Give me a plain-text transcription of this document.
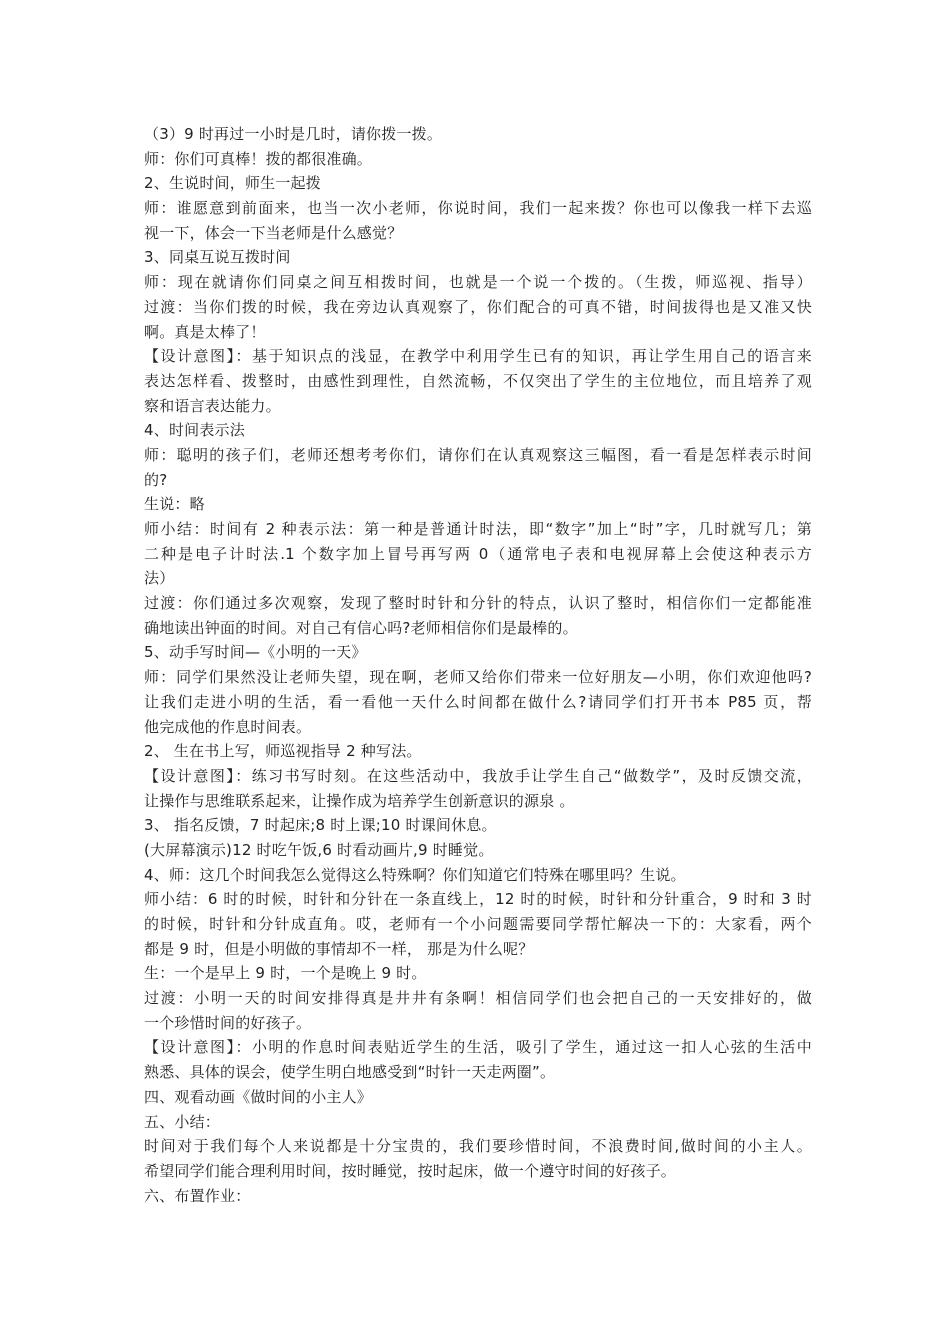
（3）9 时再过一小时是几时，请你拨一拨。
师：你们可真棒！拨的都很准确。
2、生说时间，师生一起拨
师：谁愿意到前面来，也当一次小老师，你说时间，我们一起来拨？你也可以像我一样下去巡
视一下，体会一下当老师是什么感觉？
3、同桌互说互拨时间
师：现在就请你们同桌之间互相拨时间，也就是一个说一个拨的。（生拨，师巡视、指导）
过渡：当你们拨的时候，我在旁边认真观察了，你们配合的可真不错，时间拔得也是又准又快
啊。真是太棒了！
【设计意图】：基于知识点的浅显，在教学中利用学生已有的知识，再让学生用自己的语言来
表达怎样看、拨整时，由感性到理性，自然流畅，不仅突出了学生的主位地位，而且培养了观
察和语言表达能力。
4、时间表示法
师：聪明的孩子们，老师还想考考你们，请你们在认真观察这三幅图，看一看是怎样表示时间
的?
生说：略
师小结：时间有 2 种表示法：第一种是普通计时法，即“数字”加上“时”字，几时就写几；第
二种是电子计时法.1 个数字加上冒号再写两 0（通常电子表和电视屏幕上会使这种表示方
法）
过渡：你们通过多次观察，发现了整时时针和分针的特点，认识了整时，相信你们一定都能准
确地读出钟面的时间。对自己有信心吗?老师相信你们是最棒的。
5、动手写时间—《小明的一天》
师：同学们果然没让老师失望，现在啊，老师又给你们带来一位好朋友—小明，你们欢迎他吗?
让我们走进小明的生活，看一看他一天什么时间都在做什么?请同学们打开书本 P85 页，帮
他完成他的作息时间表。
2、 生在书上写，师巡视指导 2 种写法。
【设计意图】：练习书写时刻。在这些活动中，我放手让学生自己“做数学”，及时反馈交流，
让操作与思维联系起来，让操作成为培养学生创新意识的源泉 。
3、 指名反馈，7 时起床;8 时上课;10 时课间休息。
(大屏幕演示)12 时吃午饭,6 时看动画片,9 时睡觉。
4、师：这几个时间我怎么觉得这么特殊啊？你们知道它们特殊在哪里吗？生说。
师小结：6 时的时候，时针和分针在一条直线上，12 时的时候，时针和分针重合，9 时和 3 时
的时候，时针和分针成直角。哎，老师有一个小问题需要同学帮忙解决一下的：大家看，两个
都是 9 时，但是小明做的事情却不一样， 那是为什么呢？
生：一个是早上 9 时，一个是晚上 9 时。
过渡：小明一天的时间安排得真是井井有条啊！相信同学们也会把自己的一天安排好的，做
一个珍惜时间的好孩子。
【设计意图】：小明的作息时间表贴近学生的生活，吸引了学生，通过这一扣人心弦的生活中
熟悉、具体的误会，使学生明白地感受到“时针一天走两圈”。
四、观看动画《做时间的小主人》
五、小结：
时间对于我们每个人来说都是十分宝贵的，我们要珍惜时间，不浪费时间,做时间的小主人。
希望同学们能合理利用时间，按时睡觉，按时起床，做一个遵守时间的好孩子。
六、布置作业：
